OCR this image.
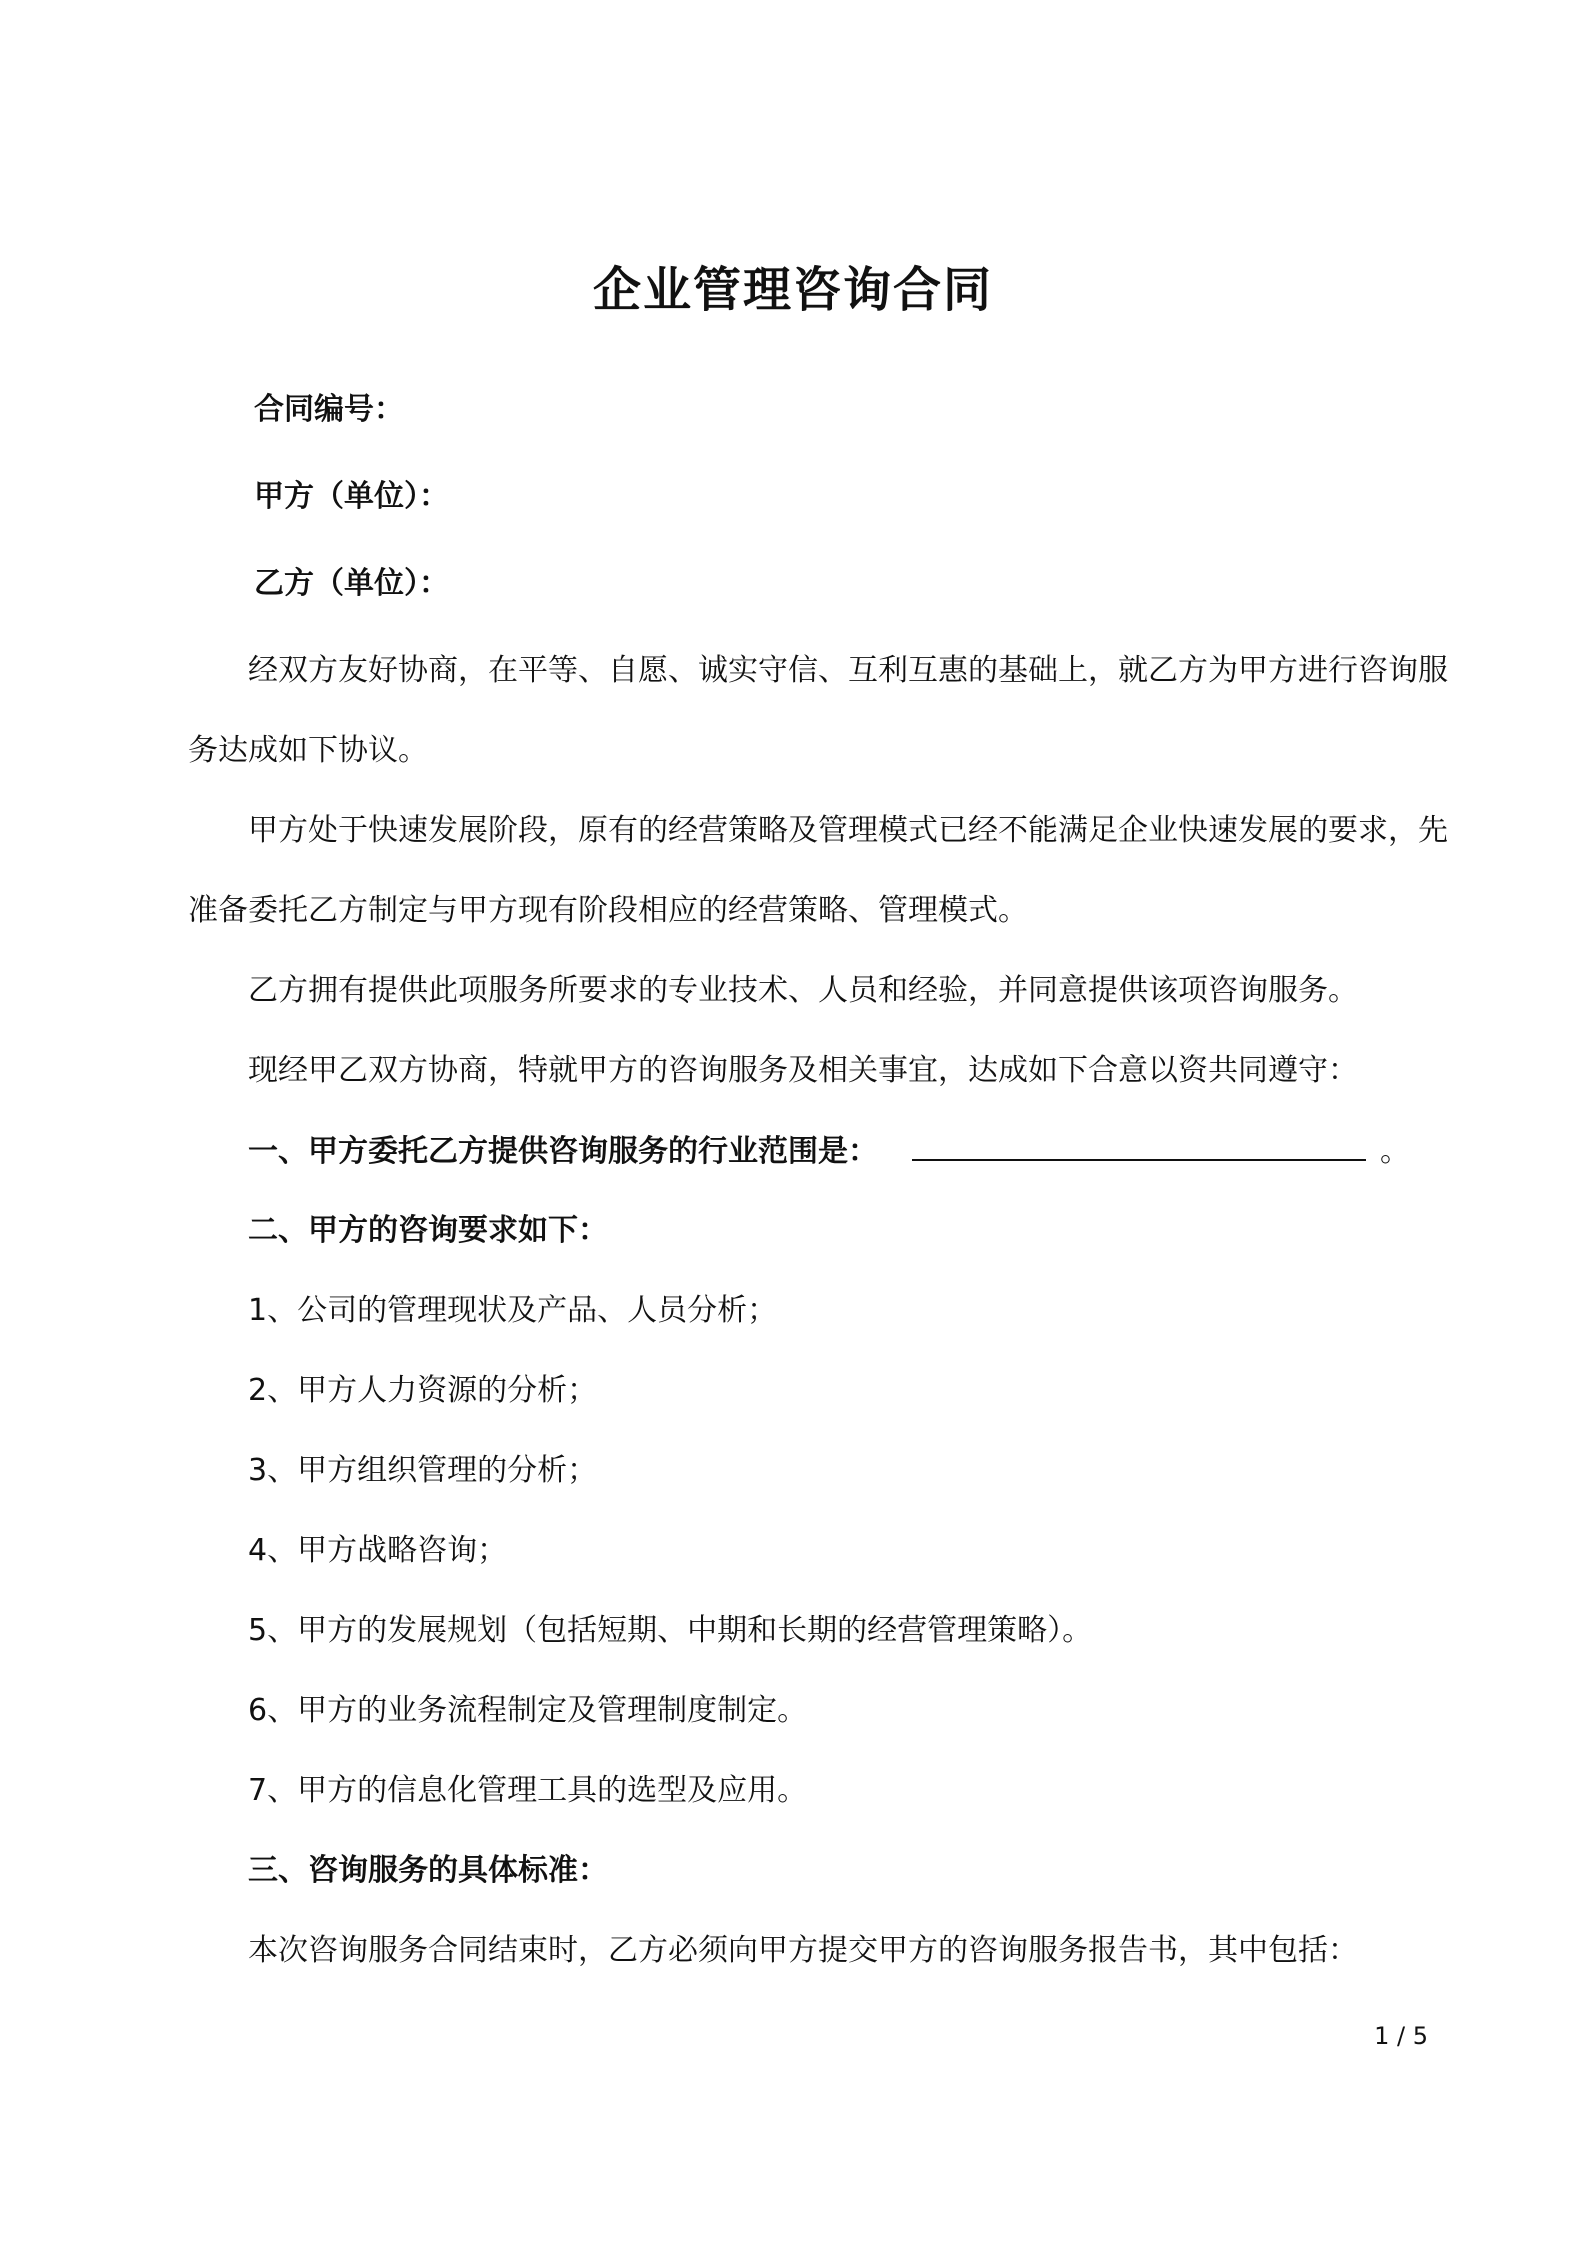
企业管理咨询合同
合同编号：
甲方（单位）：
乙方（单位）：
经双方友好协商，在平等、自愿、诚实守信、互利互惠的基础上，就乙方为甲方进行咨询服
务达成如下协议。
甲方处于快速发展阶段，原有的经营策略及管理模式已经不能满足企业快速发展的要求，先
准备委托乙方制定与甲方现有阶段相应的经营策略、管理模式。
乙方拥有提供此项服务所要求的专业技术、人员和经验，并同意提供该项咨询服务。
现经甲乙双方协商，特就甲方的咨询服务及相关事宜，达成如下合意以资共同遵守：
一、甲方委托乙方提供咨询服务的行业范围是：	。
二、甲方的咨询要求如下：
1、公司的管理现状及产品、人员分析；
2、甲方人力资源的分析；
3、甲方组织管理的分析；
4、甲方战略咨询；
5、甲方的发展规划（包括短期、中期和长期的经营管理策略）。
6、甲方的业务流程制定及管理制度制定。
7、甲方的信息化管理工具的选型及应用。
三、咨询服务的具体标准：
本次咨询服务合同结束时，乙方必须向甲方提交甲方的咨询服务报告书，其中包括：
1 / 5
